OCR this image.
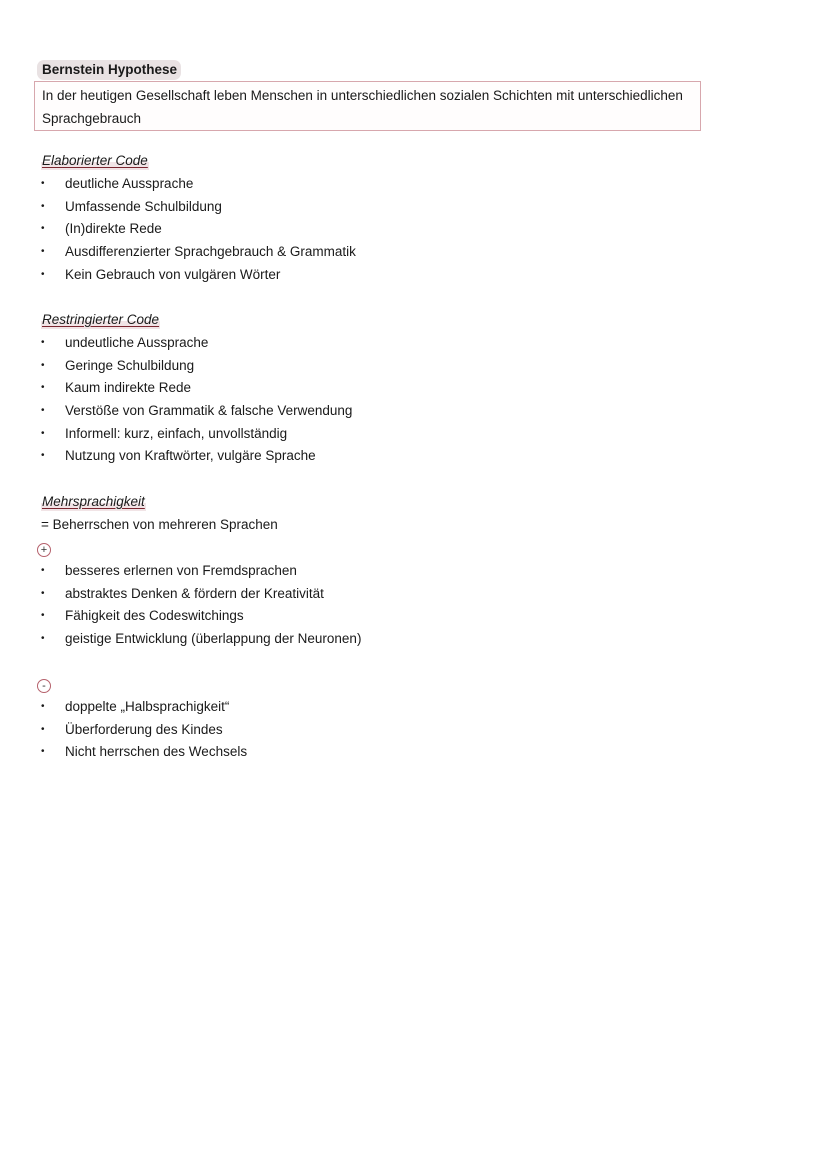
Bernstein Hypothese
In der heutigen Gesellschaft leben Menschen in unterschiedlichen sozialen Schichten mit unterschiedlichen
Sprachgebrauch
Elaborierter Code
• deutliche Aussprache
• Umfassende Schulbildung
• (In)direkte Rede
• Ausdifferenzierter Sprachgebrauch & Grammatik
• Kein Gebrauch von vulgären Wörter
Restringierter Code
• undeutliche Aussprache
• Geringe Schulbildung
• Kaum indirekte Rede
• Verstöße von Grammatik & falsche Verwendung
• Informell: kurz, einfach, unvollständig
• Nutzung von Kraftwörter, vulgäre Sprache
Mehrsprachigkeit
= Beherrschen von mehreren Sprachen
+
• besseres erlernen von Fremdsprachen
• abstraktes Denken & fördern der Kreativität
• Fähigkeit des Codeswitchings
• geistige Entwicklung (überlappung der Neuronen)
-
• doppelte „Halbsprachigkeit“
• Überforderung des Kindes
• Nicht herrschen des Wechsels
